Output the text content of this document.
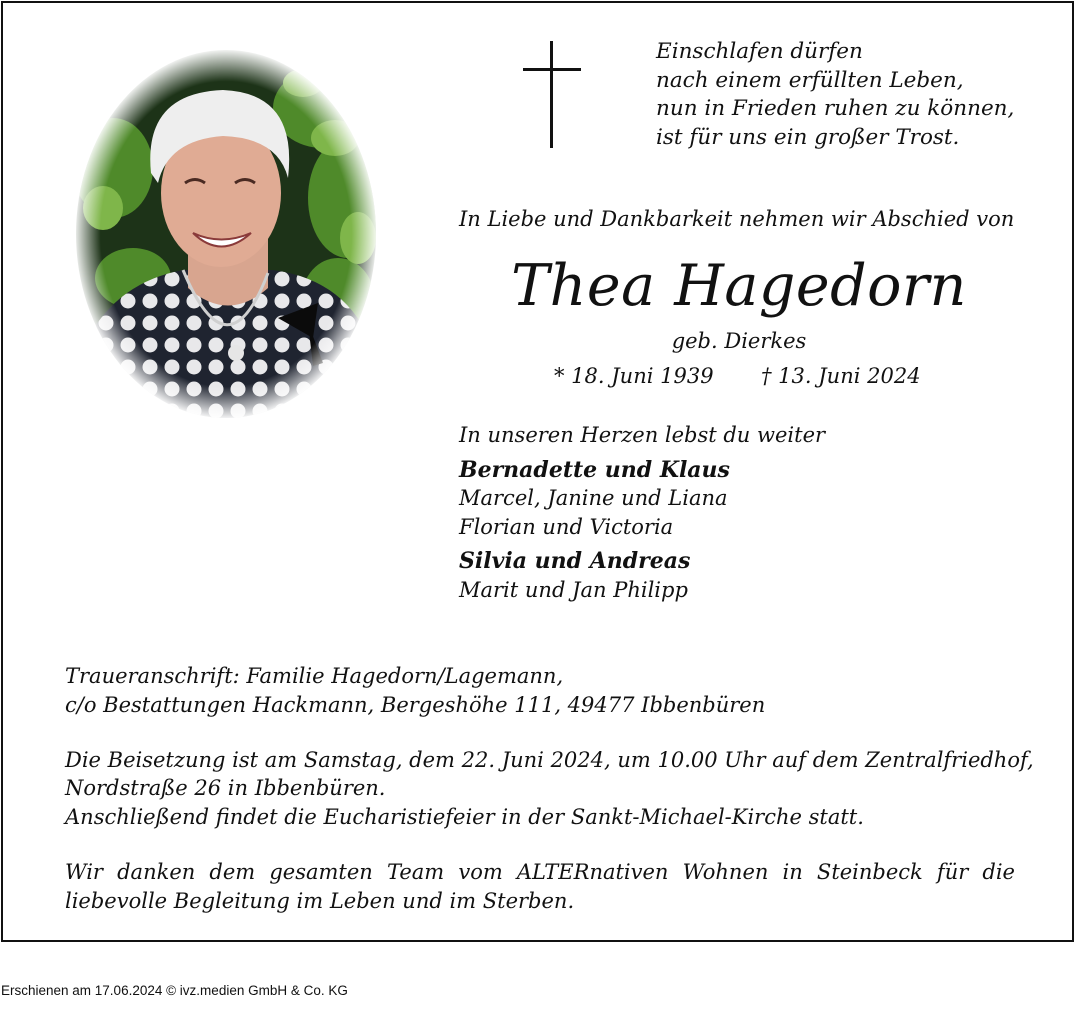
Einschlafen dürfen
nach einem erfüllten Leben,
nun in Frieden ruhen zu können,
ist für uns ein großer Trost.
In Liebe und Dankbarkeit nehmen wir Abschied von
Thea Hagedorn
geb. Dierkes
* 18. Juni 1939 † 13. Juni 2024
In unseren Herzen lebst du weiter
Bernadette und Klaus
Marcel, Janine und Liana
Florian und Victoria
Silvia und Andreas
Marit und Jan Philipp
Traueranschrift: Familie Hagedorn/Lagemann,
c/o Bestattungen Hackmann, Bergeshöhe 111, 49477 Ibbenbüren
Die Beisetzung ist am Samstag, dem 22. Juni 2024, um 10.00 Uhr auf dem Zentralfriedhof,
Nordstraße 26 in Ibbenbüren.
Anschließend findet die Eucharistiefeier in der Sankt-Michael-Kirche statt.
Wir danken dem gesamten Team vom ALTERnativen Wohnen in Steinbeck für die
liebevolle Begleitung im Leben und im Sterben.
Erschienen am 17.06.2024 © ivz.medien GmbH & Co. KG
